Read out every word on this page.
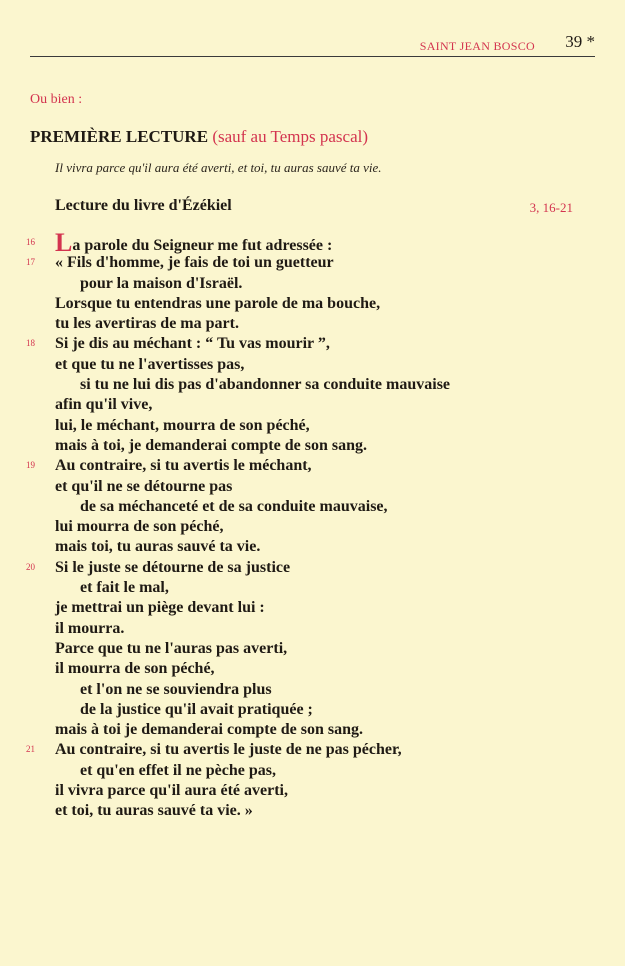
SAINT JEAN BOSCO 39 *
Ou bien :
PREMIÈRE LECTURE (sauf au Temps pascal)
Il vivra parce qu'il aura été averti, et toi, tu auras sauvé ta vie.
Lecture du livre d'Ézékiel	3, 16-21
16 La parole du Seigneur me fut adressée :
17 « Fils d'homme, je fais de toi un guetteur
pour la maison d'Israël.
Lorsque tu entendras une parole de ma bouche,
tu les avertiras de ma part.
18 Si je dis au méchant : “ Tu vas mourir ”,
et que tu ne l'avertisses pas,
si tu ne lui dis pas d'abandonner sa conduite mauvaise
afin qu'il vive,
lui, le méchant, mourra de son péché,
mais à toi, je demanderai compte de son sang.
19 Au contraire, si tu avertis le méchant,
et qu'il ne se détourne pas
de sa méchanceté et de sa conduite mauvaise,
lui mourra de son péché,
mais toi, tu auras sauvé ta vie.
20 Si le juste se détourne de sa justice
et fait le mal,
je mettrai un piège devant lui :
il mourra.
Parce que tu ne l'auras pas averti,
il mourra de son péché,
et l'on ne se souviendra plus
de la justice qu'il avait pratiquée ;
mais à toi je demanderai compte de son sang.
21 Au contraire, si tu avertis le juste de ne pas pécher,
et qu'en effet il ne pèche pas,
il vivra parce qu'il aura été averti,
et toi, tu auras sauvé ta vie. »
